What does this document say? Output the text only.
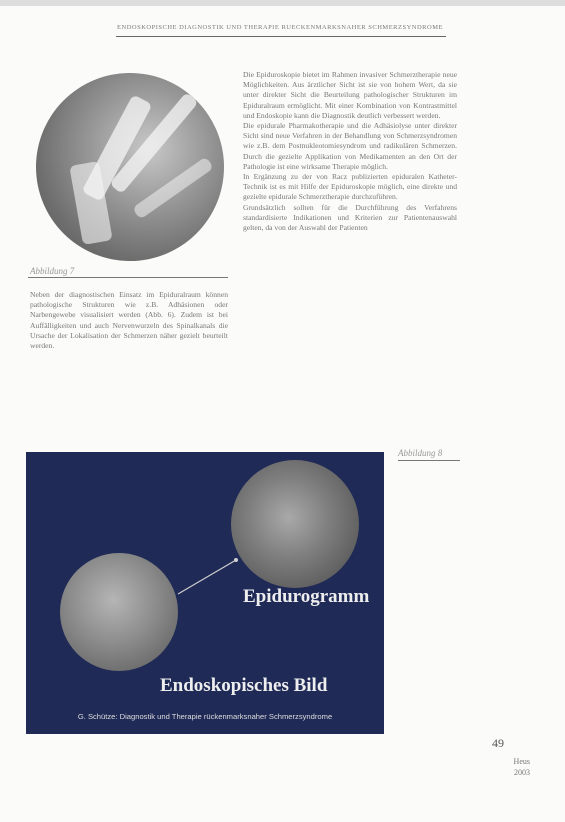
ENDOSKOPISCHE DIAGNOSTIK UND THERAPIE RUECKENMARKSNAHER SCHMERZSYNDROME
Abbildung 7

Neben der diagnostischen Einsatz im Epiduralraum können pathologische Strukturen wie z.B. Adhäsionen oder Narbengewebe visualisiert werden (Abb. 6). Zudem ist bei Auffälligkeiten und auch Nervenwurzeln des Spinalkanals die Ursache der Lokalisation der Schmerzen näher gezielt beurteilt werden.

Die Epiduroskopie bietet im Rahmen invasiver Schmerztherapie neue Möglichkeiten. Aus ärztlicher Sicht ist sie von hohem Wert, da sie unter direkter Sicht die Beurteilung pathologischer Strukturen im Epiduralraum ermöglicht. Mit einer Kombination von Kontrastmittel und Endoskopie kann die Diagnostik deutlich verbessert werden.

Die epidurale Pharmakotherapie und die Adhäsiolyse unter direkter Sicht sind neue Verfahren in der Behandlung von Schmerzsyndromen wie z.B. dem Postnukleotomiesyndrom und radikulären Schmerzen. Durch die gezielte Applikation von Medikamenten an den Ort der Pathologie ist eine wirksame Therapie möglich.

In Ergänzung zu der von Racz publizierten epiduralen Katheter-Technik ist es mit Hilfe der Epiduroskopie möglich, eine direkte und gezielte epidurale Schmerztherapie durchzuführen.

Grundsätzlich sollten für die Durchführung des Verfahrens standardisierte Indikationen und Kriterien zur Patientenauswahl gelten, da von der Auswahl der Patienten

Abbildung 8
Epidurogramm
Endoskopisches Bild
G. Schütze: Diagnostik und Therapie rückenmarksnaher Schmerzsyndrome
49
Heus
2003
